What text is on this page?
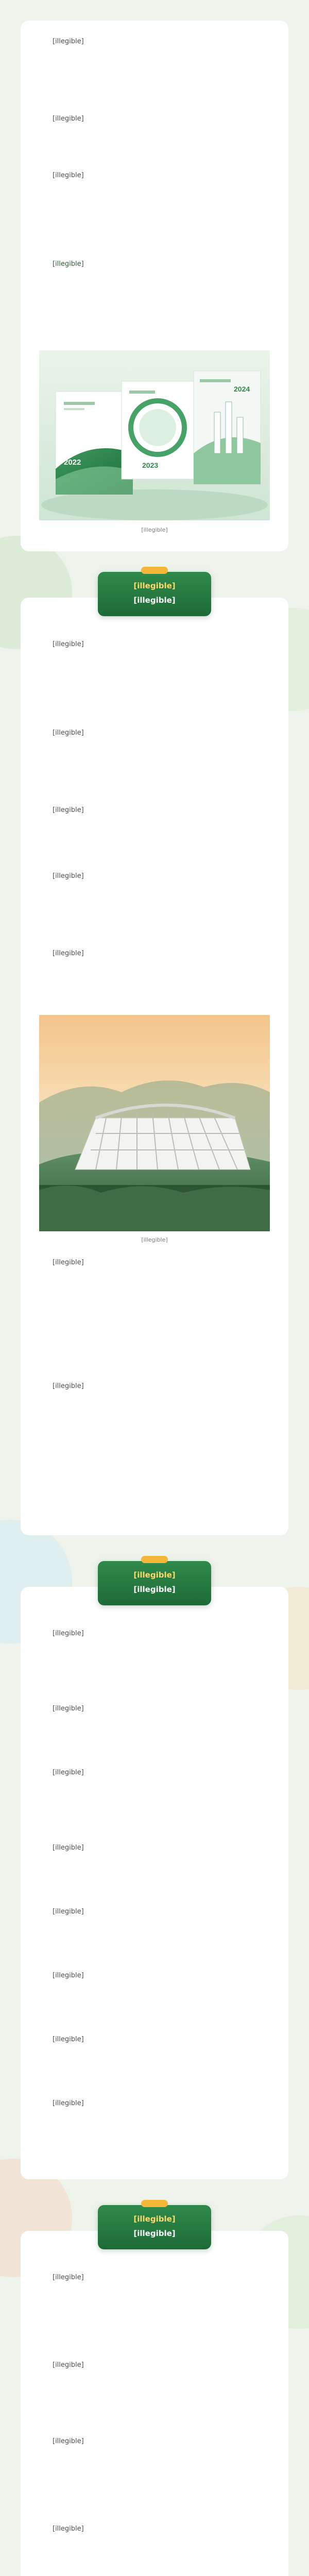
[illegible]

[illegible]

[illegible]

[illegible]

2022	2023
2024

[illegible]

[illegible]
[illegible]

[illegible]

[illegible]

[illegible]

[illegible]

[illegible]

[illegible]

[illegible]

[illegible]

[illegible]
[illegible]

[illegible]

[illegible]

[illegible]

[illegible]

[illegible]

[illegible]

[illegible]

[illegible]

[illegible]
[illegible]

[illegible]

[illegible]

[illegible]

[illegible]
